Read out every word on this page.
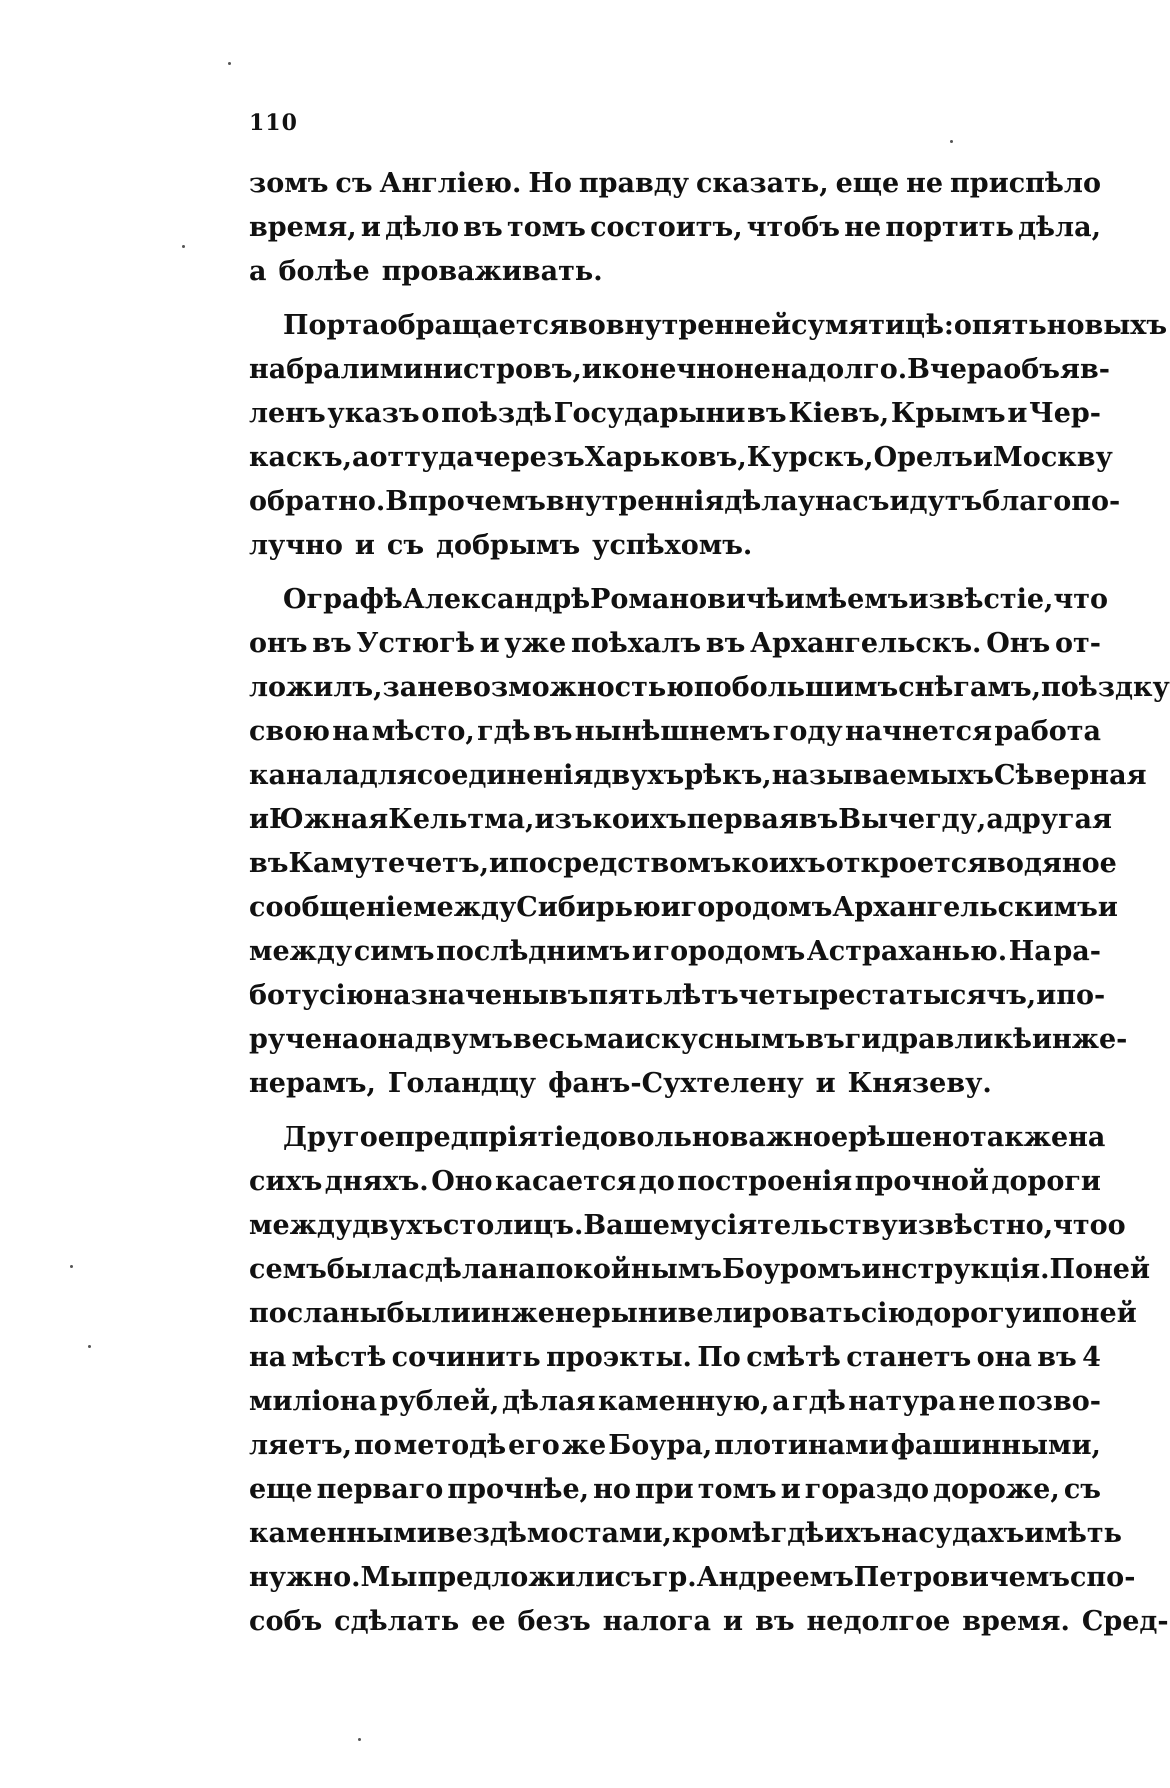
110
зомъ съ Англіею. Но правду сказать, еще не приспѣло
время, и дѣло въ томъ состоитъ, чтобъ не портить дѣла,
а болѣе проваживать.
Порта обращается во внутренней сумятицѣ: опять новыхъ
набрали министровъ, и конечно не надолго. Вчера объяв-
ленъ указъ о поѣздѣ Государыни въ Кіевъ, Крымъ и Чер-
каскъ, а оттуда черезъ Харьковъ, Курскъ, Орелъ и Москву
обратно. Впрочемъ внутреннія дѣла у насъ идутъ благопо-
лучно и съ добрымъ успѣхомъ.
О графѣ Александрѣ Романовичѣ имѣемъ извѣстіе, что
онъ въ Устюгѣ и уже поѣхалъ въ Архангельскъ. Онъ от-
ложилъ, за невозможностью по большимъ снѣгамъ, поѣздку
свою на мѣсто, гдѣ въ нынѣшнемъ году начнется работа
канала для соединенія двухъ рѣкъ, называемыхъ Сѣверная
и Южная Кельтма, изъ коихъ первая въ Вычегду, а другая
въ Каму течетъ, и посредствомъ коихъ откроется водяное
сообщеніе между Сибирью и городомъ Архангельскимъ и
между симъ послѣднимъ и городомъ Астраханью. На ра-
боту сію назначены въ пять лѣтъ четыреста тысячъ, и по-
ручена она двумъ весьма искуснымъ въ гидравликѣ инже-
нерамъ, Голандцу фанъ-Сухтелену и Князеву.
Другое предпріятіе довольно важное рѣшено также на
сихъ дняхъ. Оно касается до построенія прочной дороги
между двухъ столицъ. Вашему сіятельству извѣстно, что о
семъ была сдѣлана покойнымъ Боуромъ инструкція. По ней
посланы были инженеры нивелировать сію дорогу и по ней
на мѣстѣ сочинить проэкты. По смѣтѣ станетъ она въ 4
миліона рублей, дѣлая каменную, а гдѣ натура не позво-
ляетъ, по методѣ его же Боура, плотинами фашинными,
еще перваго прочнѣе, но при томъ и гораздо дороже, съ
каменными вездѣ мостами, кромѣ гдѣ ихъ на судахъ имѣть
нужно. Мы предложили съ гр. Андреемъ Петровичемъ спо-
собъ сдѣлать ее безъ налога и въ недолгое время. Сред-
